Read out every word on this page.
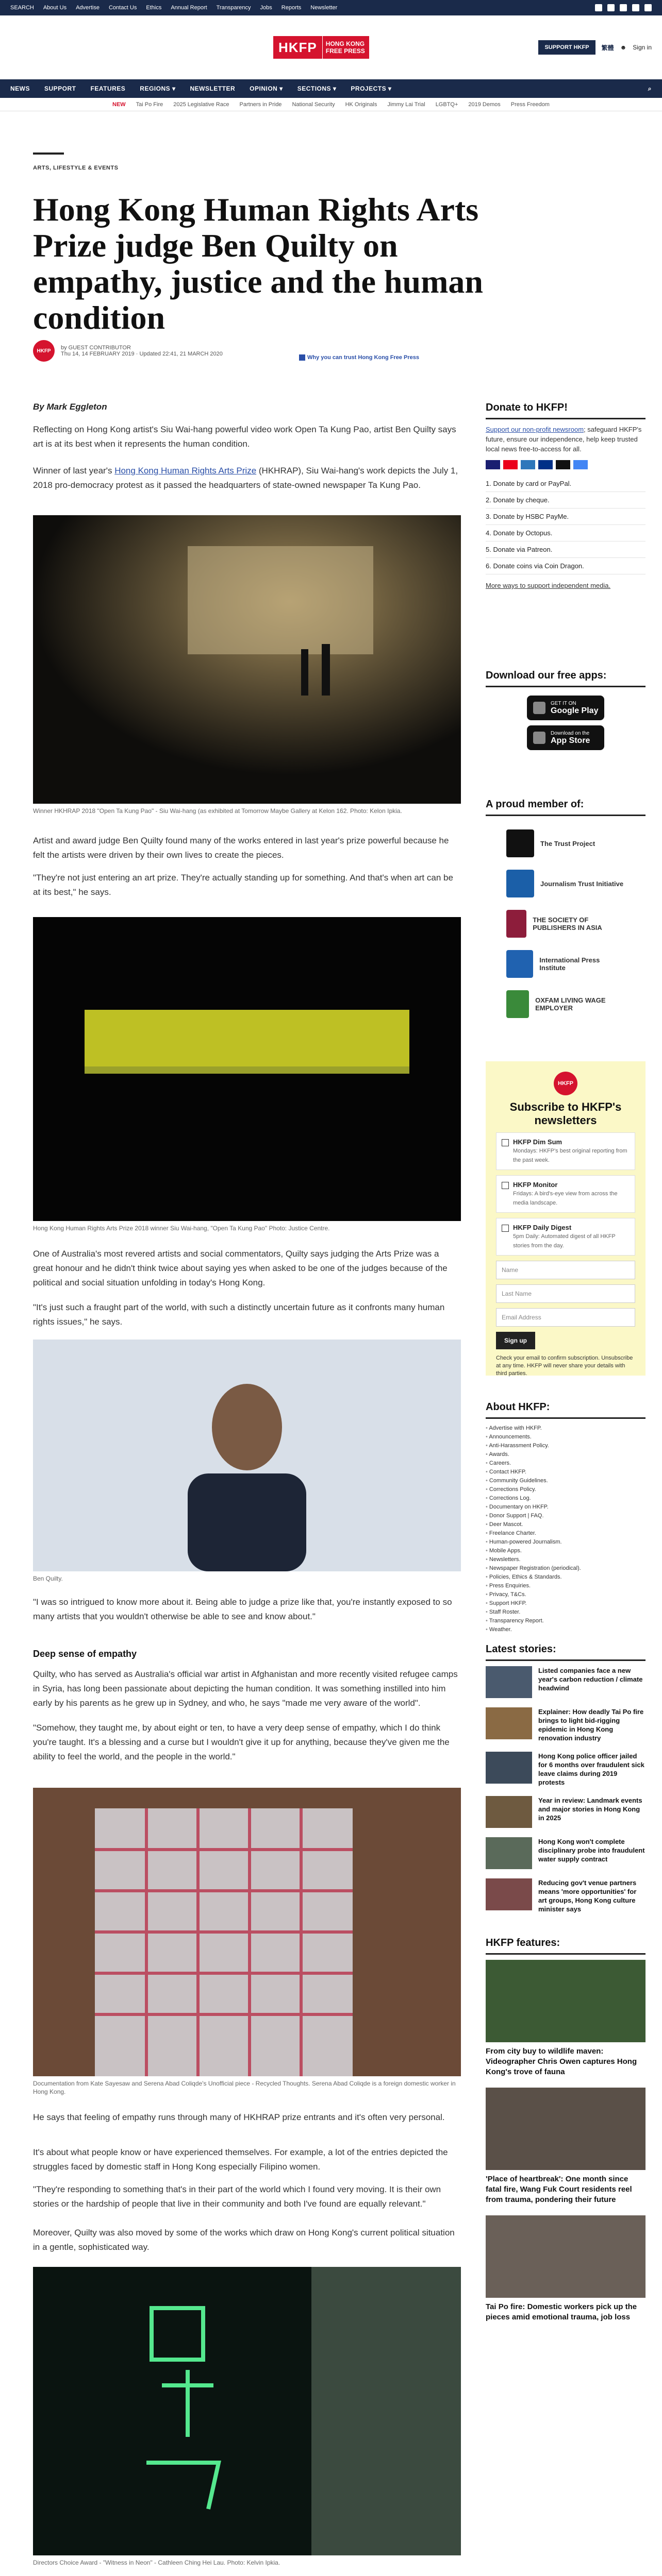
SEARCH About Us Advertise Contact Us Ethics Annual Report Transparency Jobs Reports Newsletter
HKFP	HONG KONG
FREE PRESS	SUPPORT HKFP	繁體 ☻ Sign in
NEWS SUPPORT FEATURES REGIONS ▾ NEWSLETTER OPINION ▾ SECTIONS ▾ PROJECTS ▾	⌕
NEW Tai Po Fire 2025 Legislative Race Partners in Pride National Security HK Originals Jimmy Lai Trial LGBTQ+ 2019 Demos Press Freedom
ARTS, LIFESTYLE & EVENTS
Hong Kong Human Rights Arts Prize judge Ben Quilty on empathy, justice and the human condition
HKFP	by GUEST CONTRIBUTOR
Thu 14, 14 FEBRUARY 2019 · Updated 22:41, 21 MARCH 2020
Why you can trust Hong Kong Free Press
By Mark Eggleton

Reflecting on Hong Kong artist's Siu Wai-hang powerful video work Open Ta Kung Pao, artist Ben Quilty says art is at its best when it represents the human condition.

Winner of last year's Hong Kong Human Rights Arts Prize (HKHRAP), Siu Wai-hang's work depicts the July 1, 2018 pro-democracy protest as it passed the headquarters of state-owned newspaper Ta Kung Pao.

Winner HKHRAP 2018 "Open Ta Kung Pao" - Siu Wai-hang (as exhibited at Tomorrow Maybe Gallery at Kelon 162. Photo: Kelon Ipkia.

Artist and award judge Ben Quilty found many of the works entered in last year's prize powerful because he felt the artists were driven by their own lives to create the pieces.

"They're not just entering an art prize. They're actually standing up for something. And that's when art can be at its best," he says.

Hong Kong Human Rights Arts Prize 2018 winner Siu Wai-hang, "Open Ta Kung Pao" Photo: Justice Centre.

One of Australia's most revered artists and social commentators, Quilty says judging the Arts Prize was a great honour and he didn't think twice about saying yes when asked to be one of the judges because of the political and social situation unfolding in today's Hong Kong.

"It's just such a fraught part of the world, with such a distinctly uncertain future as it confronts many human rights issues," he says.

Ben Quilty.

"I was so intrigued to know more about it. Being able to judge a prize like that, you're instantly exposed to so many artists that you wouldn't otherwise be able to see and know about."

Deep sense of empathy

Quilty, who has served as Australia's official war artist in Afghanistan and more recently visited refugee camps in Syria, has long been passionate about depicting the human condition. It was something instilled into him early by his parents as he grew up in Sydney, and who, he says "made me very aware of the world".

"Somehow, they taught me, by about eight or ten, to have a very deep sense of empathy, which I do think you're taught. It's a blessing and a curse but I wouldn't give it up for anything, because they've given me the ability to feel the world, and the people in the world."

Documentation from Kate Sayesaw and Serena Abad Coliqde's Unofficial piece - Recycled Thoughts. Serena Abad Coliqde is a foreign domestic worker in Hong Kong.

He says that feeling of empathy runs through many of HKHRAP prize entrants and it's often very personal.

It's about what people know or have experienced themselves. For example, a lot of the entries depicted the struggles faced by domestic staff in Hong Kong especially Filipino women.

"They're responding to something that's in their part of the world which I found very moving. It is their own stories or the hardship of people that live in their community and both I've found are equally relevant."

Moreover, Quilty was also moved by some of the works which draw on Hong Kong's current political situation in a gentle, sophisticated way.

Directors Choice Award - "Witness in Neon" - Cathleen Ching Hei Lau. Photo: Kelvin Ipkia.

Donate to HKFP!

Support our non-profit newsroom; safeguard HKFP's future, ensure our independence, help keep trusted local news free-to-access for all.

1. Donate by card or PayPal.
2. Donate by cheque.
3. Donate by HSBC PayMe.
4. Donate by Octopus.
5. Donate via Patreon.
6. Donate coins via Coin Dragon.
More ways to support independent media.
Download our free apps:
GET IT ON
Google Play
Download on the
App Store
A proud member of:
The Trust Project
Journalism Trust Initiative
THE SOCIETY OF PUBLISHERS IN ASIA
International Press Institute
OXFAM LIVING WAGE EMPLOYER
HKFP
Subscribe to HKFP's newsletters
HKFP Dim Sum
Mondays: HKFP's best original reporting from the past week.
HKFP Monitor
Fridays: A bird's-eye view from across the media landscape.
HKFP Daily Digest
5pm Daily: Automated digest of all HKFP stories from the day.
Name
Last Name
Email Address
Sign up

Check your email to confirm subscription. Unsubscribe at any time. HKFP will never share your details with third parties.

About HKFP:
• Advertise with HKFP.
• Announcements.
• Anti-Harassment Policy.
• Awards.
• Careers.
• Contact HKFP.
• Community Guidelines.
• Corrections Policy.
• Corrections Log.
• Documentary on HKFP.
• Donor Support | FAQ.
• Deer Mascot.
• Freelance Charter.
• Human-powered Journalism.
• Mobile Apps.
• Newsletters.
• Newspaper Registration (periodical).
• Policies, Ethics & Standards.
• Press Enquiries.
• Privacy, T&Cs.
• Support HKFP.
• Staff Roster.
• Transparency Report.
• Weather.
Latest stories:
Listed companies face a new year's carbon reduction / climate headwind
Explainer: How deadly Tai Po fire brings to light bid-rigging epidemic in Hong Kong renovation industry
Hong Kong police officer jailed for 6 months over fraudulent sick leave claims during 2019 protests
Year in review: Landmark events and major stories in Hong Kong in 2025
Hong Kong won't complete disciplinary probe into fraudulent water supply contract
Reducing gov't venue partners means 'more opportunities' for art groups, Hong Kong culture minister says
HKFP features:
From city buy to wildlife maven: Videographer Chris Owen captures Hong Kong's trove of fauna
'Place of heartbreak': One month since fatal fire, Wang Fuk Court residents reel from trauma, pondering their future
Tai Po fire: Domestic workers pick up the pieces amid emotional trauma, job loss
